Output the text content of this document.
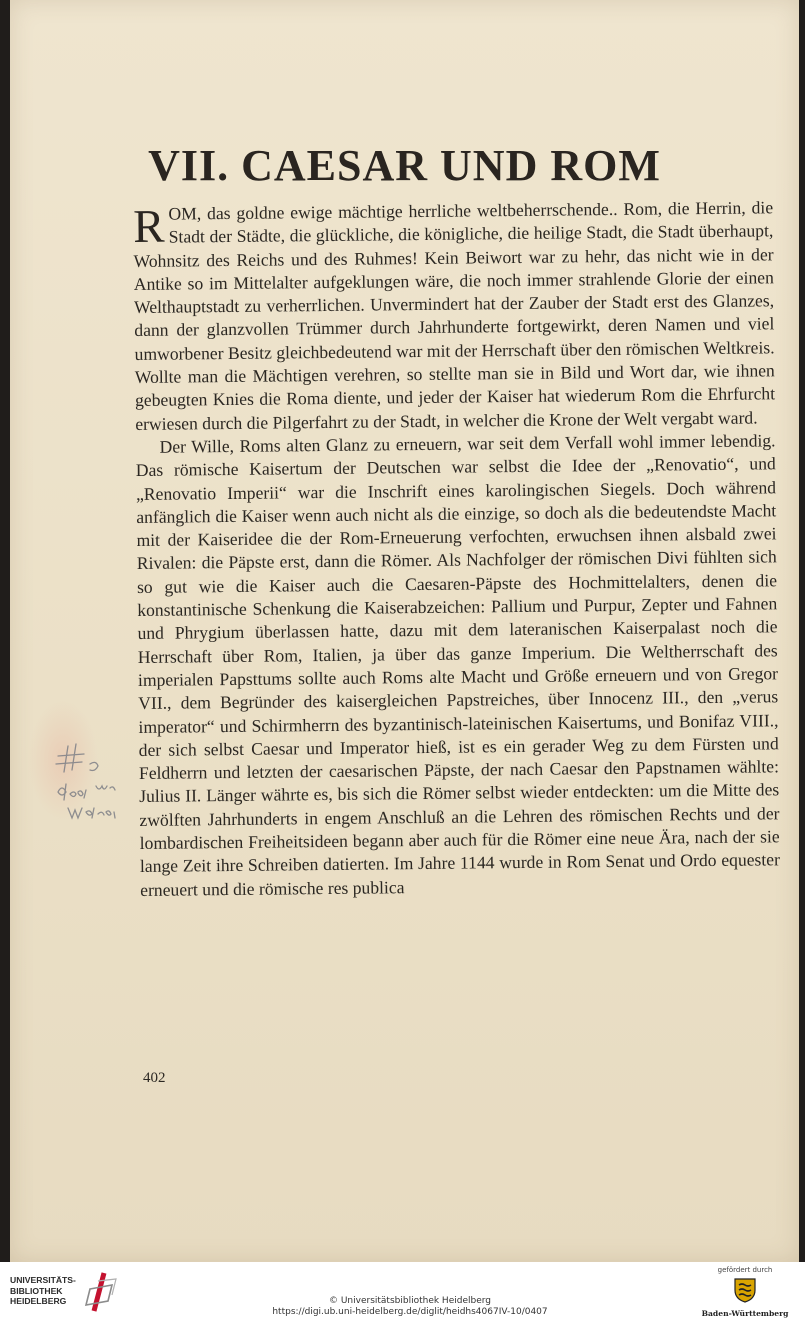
VII. CAESAR UND ROM

ROM, das goldne ewige mächtige herrliche weltbeherrschende.. Rom, die Herrin, die Stadt der Städte, die glückliche, die königliche, die heilige Stadt, die Stadt überhaupt, Wohnsitz des Reichs und des Ruhmes! Kein Beiwort war zu hehr, das nicht wie in der Antike so im Mittelalter aufgeklungen wäre, die noch immer strahlende Glorie der einen Welthauptstadt zu verherrlichen. Unvermindert hat der Zauber der Stadt erst des Glanzes, dann der glanzvollen Trümmer durch Jahrhunderte fortgewirkt, deren Namen und viel umworbener Besitz gleichbedeutend war mit der Herrschaft über den römischen Weltkreis. Wollte man die Mächtigen verehren, so stellte man sie in Bild und Wort dar, wie ihnen gebeugten Knies die Roma diente, und jeder der Kaiser hat wiederum Rom die Ehrfurcht erwiesen durch die Pilgerfahrt zu der Stadt, in welcher die Krone der Welt vergabt ward.

Der Wille, Roms alten Glanz zu erneuern, war seit dem Verfall wohl immer lebendig. Das römische Kaisertum der Deutschen war selbst die Idee der „Renovatio“, und „Renovatio Imperii“ war die Inschrift eines karolingischen Siegels. Doch während anfänglich die Kaiser wenn auch nicht als die einzige, so doch als die bedeutendste Macht mit der Kaiseridee die der Rom-Erneuerung verfochten, erwuchsen ihnen alsbald zwei Rivalen: die Päpste erst, dann die Römer. Als Nachfolger der römischen Divi fühlten sich so gut wie die Kaiser auch die Caesaren-Päpste des Hochmittelalters, denen die konstantinische Schenkung die Kaiserabzeichen: Pallium und Purpur, Zepter und Fahnen und Phrygium überlassen hatte, dazu mit dem lateranischen Kaiserpalast noch die Herrschaft über Rom, Italien, ja über das ganze Imperium. Die Weltherrschaft des imperialen Papsttums sollte auch Roms alte Macht und Größe erneuern und von Gregor VII., dem Begründer des kaisergleichen Papstreiches, über Innocenz III., den „verus imperator“ und Schirmherrn des byzantinisch-lateinischen Kaisertums, und Bonifaz VIII., der sich selbst Caesar und Imperator hieß, ist es ein gerader Weg zu dem Fürsten und Feldherrn und letzten der caesarischen Päpste, der nach Caesar den Papstnamen wählte: Julius II. Länger währte es, bis sich die Römer selbst wieder entdeckten: um die Mitte des zwölften Jahrhunderts in engem Anschluß an die Lehren des römischen Rechts und der lombardischen Freiheitsideen begann aber auch für die Römer eine neue Ära, nach der sie lange Zeit ihre Schreiben datierten. Im Jahre 1144 wurde in Rom Senat und Ordo equester erneuert und die römische res publica

402
UNIVERSITÄTS-
BIBLIOTHEK
HEIDELBERG	© Universitätsbibliothek Heidelberg
https://digi.ub.uni-heidelberg.de/diglit/heidhs4067IV-10/0407
gefördert durch
Baden-Württemberg
